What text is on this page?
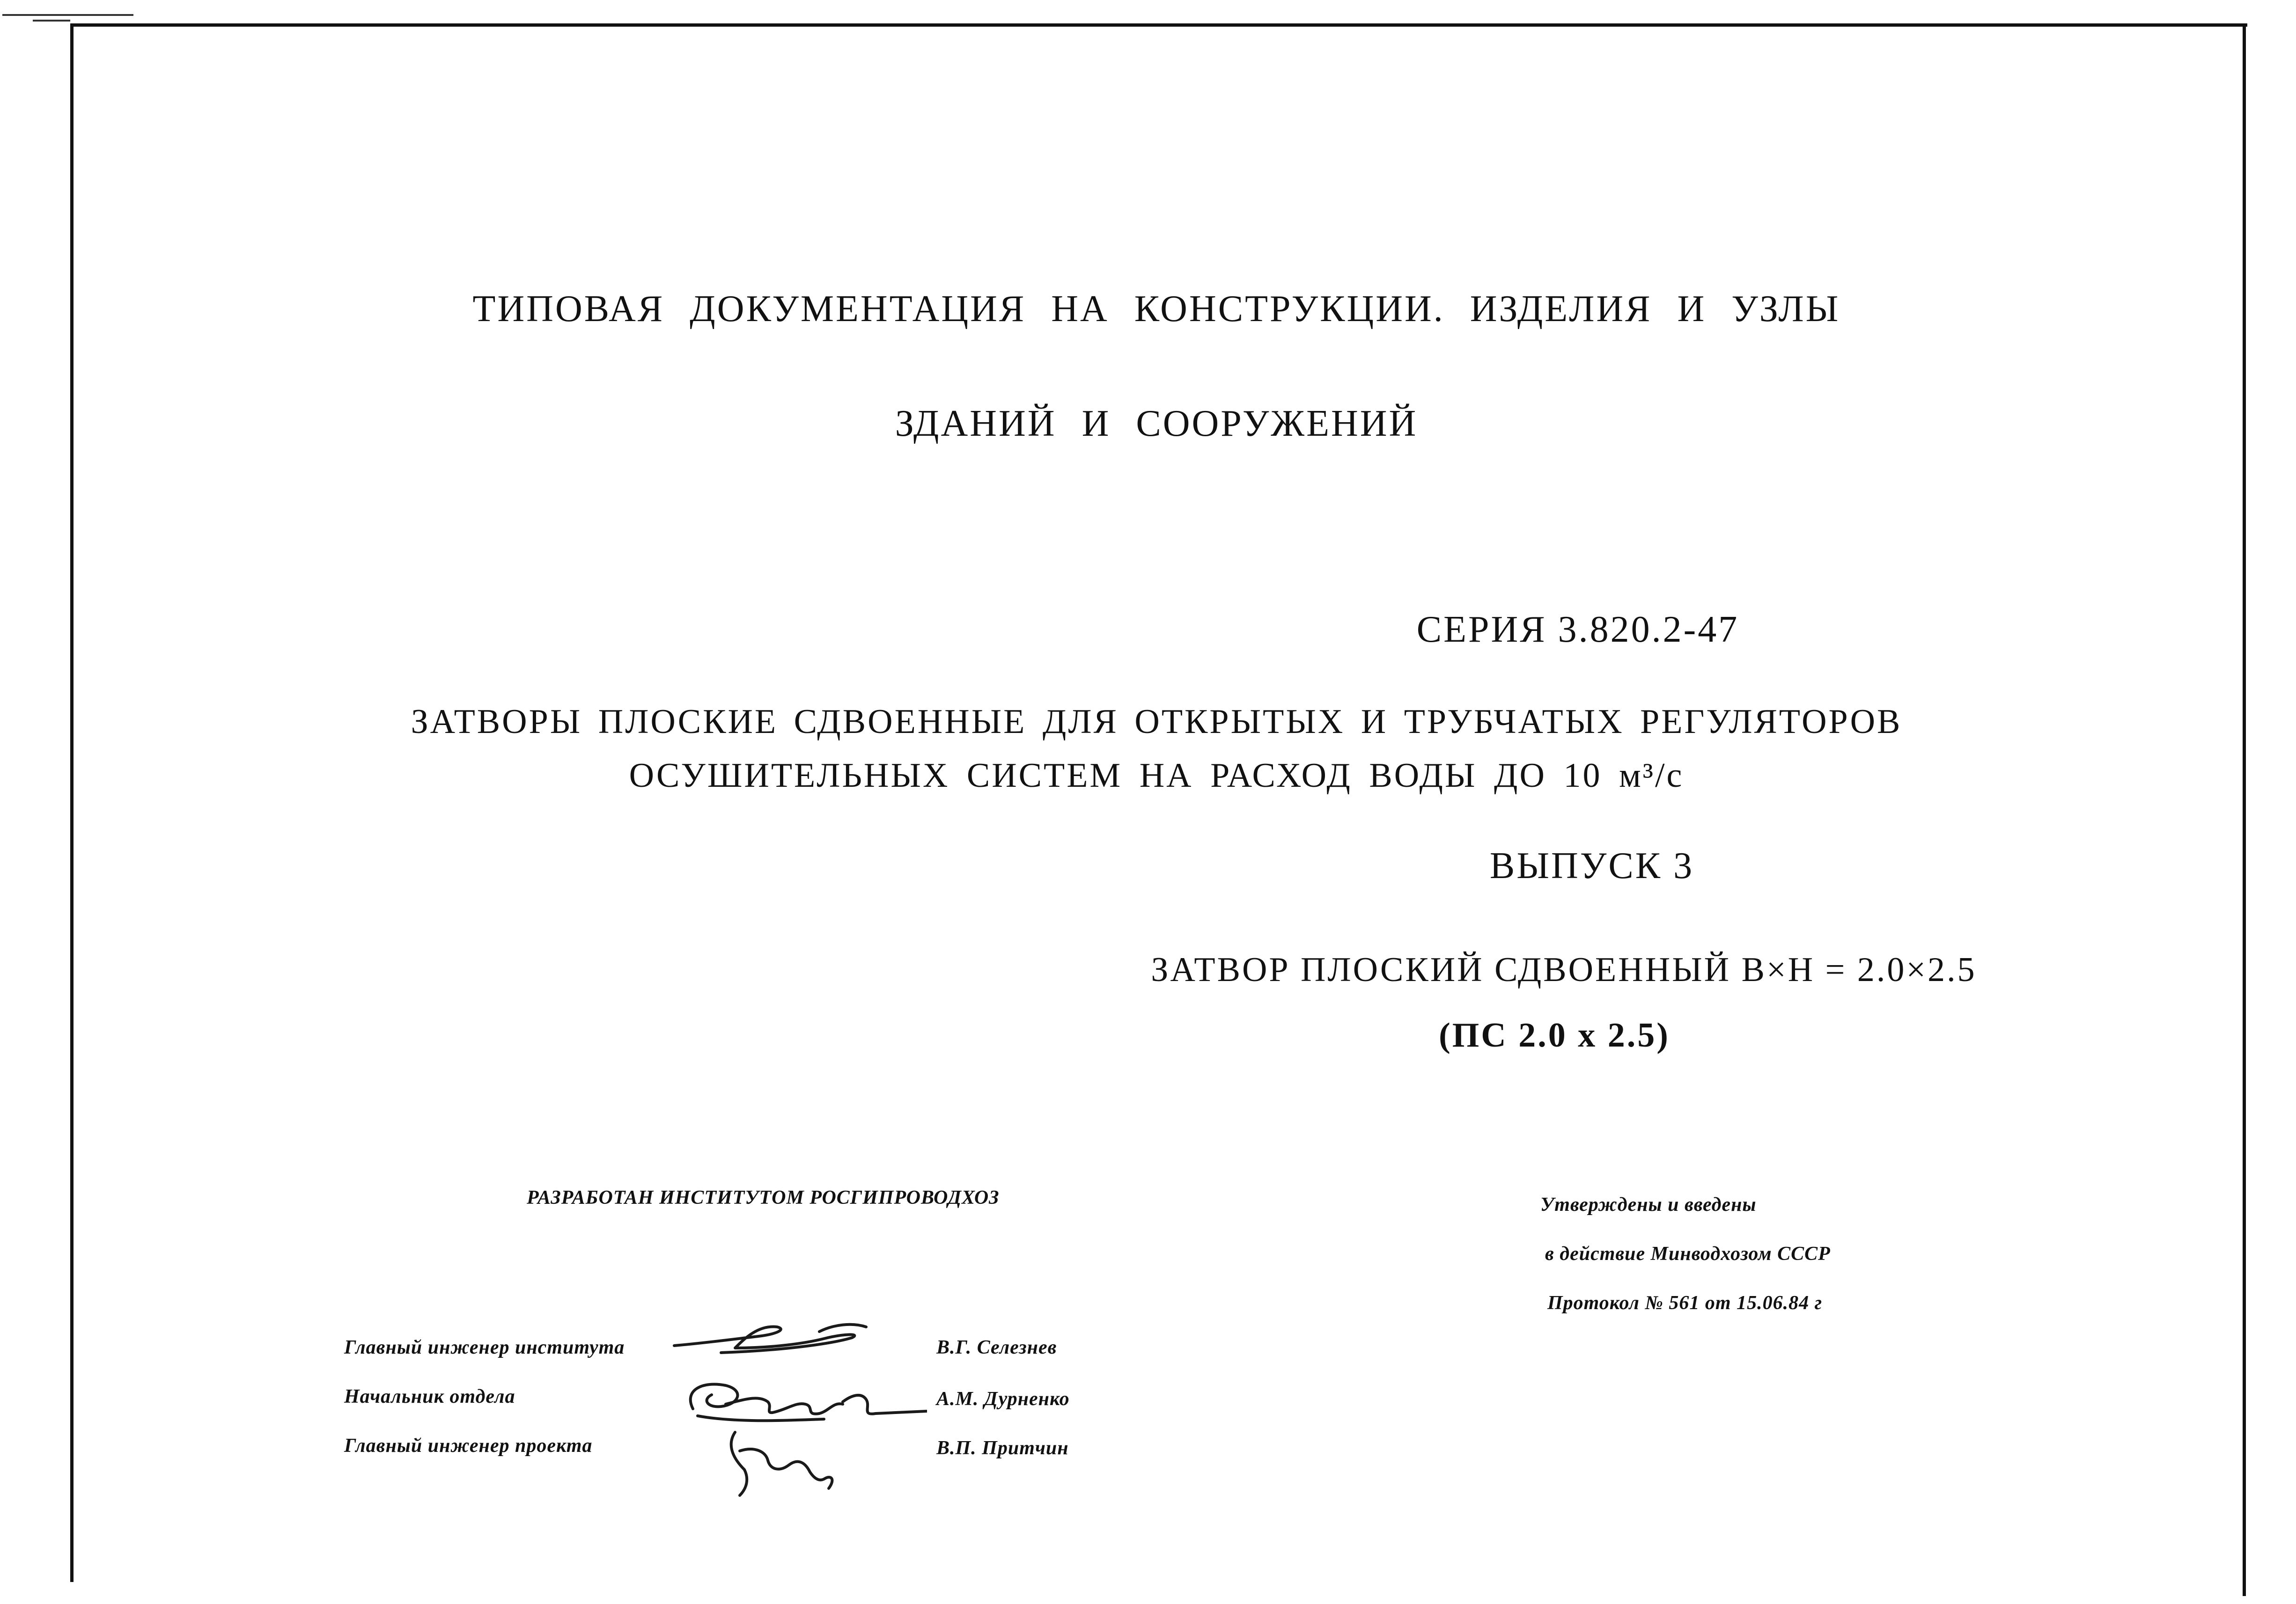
ТИПОВАЯ ДОКУМЕНТАЦИЯ НА КОНСТРУКЦИИ. ИЗДЕЛИЯ И УЗЛЫ
ЗДАНИЙ И СООРУЖЕНИЙ
СЕРИЯ 3.820.2-47
ЗАТВОРЫ ПЛОСКИЕ СДВОЕННЫЕ ДЛЯ ОТКРЫТЫХ И ТРУБЧАТЫХ РЕГУЛЯТОРОВ
ОСУШИТЕЛЬНЫХ СИСТЕМ НА РАСХОД ВОДЫ ДО 10 м³/с
ВЫПУСК 3
ЗАТВОР ПЛОСКИЙ СДВОЕННЫЙ В×Н = 2.0×2.5
(ПС 2.0 х 2.5)
РАЗРАБОТАН ИНСТИТУТОМ РОСГИПРОВОДХОЗ	Утверждены и введены
в действие Минводхозом СССР
Протокол № 561 от 15.06.84 г
Главный инженер института
Начальник отдела
Главный инженер проекта
В.Г. Селезнев
А.М. Дурненко
В.П. Притчин
